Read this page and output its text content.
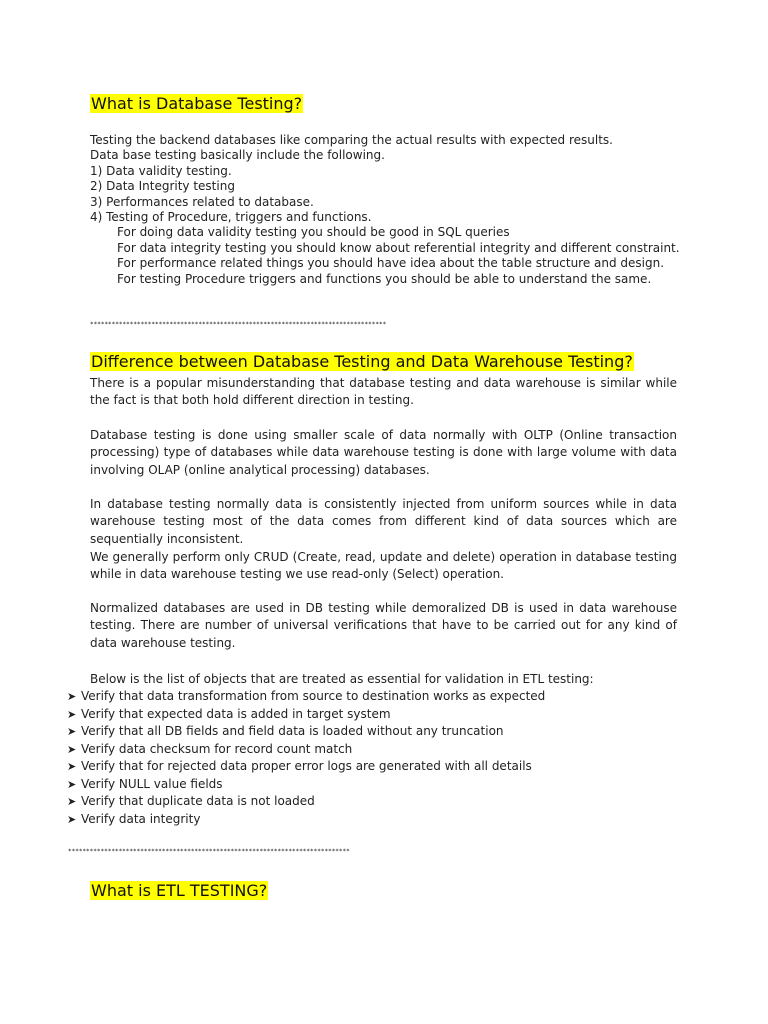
What is Database Testing?
Testing the backend databases like comparing the actual results with expected results.
Data base testing basically include the following.
1) Data validity testing.
2) Data Integrity testing
3) Performances related to database.
4) Testing of Procedure, triggers and functions.
For doing data validity testing you should be good in SQL queries
For data integrity testing you should know about referential integrity and different constraint.
For performance related things you should have idea about the table structure and design.
For testing Procedure triggers and functions you should be able to understand the same.
**********************************************************************************
Difference between Database Testing and Data Warehouse Testing?

There is a popular misunderstanding that database testing and data warehouse is similar while the fact is that both hold different direction in testing.

Database testing is done using smaller scale of data normally with OLTP (Online transaction processing) type of databases while data warehouse testing is done with large volume with data involving OLAP (online analytical processing) databases.

In database testing normally data is consistently injected from uniform sources while in data warehouse testing most of the data comes from different kind of data sources which are sequentially inconsistent.

We generally perform only CRUD (Create, read, update and delete) operation in database testing while in data warehouse testing we use read-only (Select) operation.

Normalized databases are used in DB testing while demoralized DB is used in data warehouse testing. There are number of universal verifications that have to be carried out for any kind of data warehouse testing.

Below is the list of objects that are treated as essential for validation in ETL testing:

➤ Verify that data transformation from source to destination works as expected
➤ Verify that expected data is added in target system
➤ Verify that all DB fields and field data is loaded without any truncation
➤ Verify data checksum for record count match
➤ Verify that for rejected data proper error logs are generated with all details
➤ Verify NULL value fields
➤ Verify that duplicate data is not loaded
➤ Verify data integrity
******************************************************************************
What is ETL TESTING?
